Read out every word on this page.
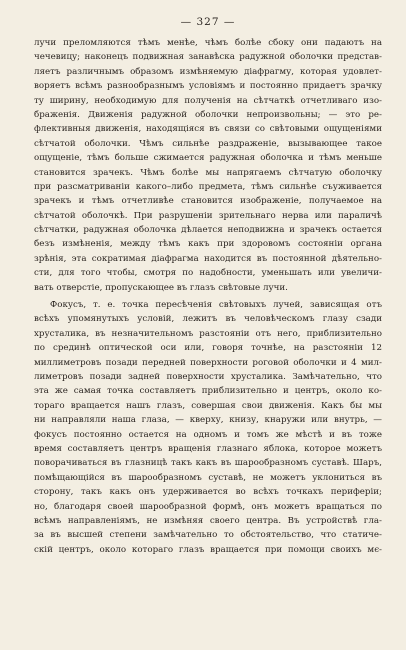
— 327 —
лучи преломляются тѣмъ менѣе, чѣмъ болѣе сбоку они падаютъ на
чечевицу; наконецъ подвижная занавѣска радужной оболочки представ-
ляетъ различнымъ образомъ измѣняемую діафрагму, которая удовлет-
воряетъ всѣмъ разнообразнымъ условіямъ и постоянно придаетъ зрачку
ту ширину, необходимую для полученія на сѣтчаткѣ отчетливаго изо-
браженія. Движенія радужной оболочки непроизвольны; — это ре-
флективныя движенія, находящіяся въ связи со свѣтовыми ощущеніями
сѣтчатой оболочки. Чѣмъ сильнѣе раздраженіе, вызывающее такое
ощущеніе, тѣмъ больше сжимается радужная оболочка и тѣмъ меньше
становится зрачекъ. Чѣмъ болѣе мы напрягаемъ сѣтчатую оболочку
при разсматриваніи какого–либо предмета, тѣмъ сильнѣе съуживается
зрачекъ и тѣмъ отчетливѣе становится изображеніе, получаемое на
сѣтчатой оболочкѣ. При разрушеніи зрительнаго нерва или параличѣ
сѣтчатки, радужная оболочка дѣлается неподвижна и зрачекъ остается
безъ измѣненія, между тѣмъ какъ при здоровомъ состояніи органа
зрѣнія, эта сократимая діафрагма находится въ постоянной дѣятельно-
сти, для того чтобы, смотря по надобности, уменьшать или увеличи-
вать отверстіе, пропускающее въ глазъ свѣтовые лучи.
Фокусъ, т. е. точка пересѣченія свѣтовыхъ лучей, зависящая отъ
всѣхъ упомянутыхъ условій, лежитъ въ человѣческомъ глазу сзади
хрусталика, въ незначительномъ разстояніи отъ него, приблизительно
по срединѣ оптической оси или, говоря точнѣе, на разстояніи 12
миллиметровъ позади передней поверхности роговой оболочки и 4 мил-
лиметровъ позади задней поверхности хрусталика. Замѣчательно, что
эта же самая точка составляетъ приблизительно и центръ, около ко-
тораго вращается нашъ глазъ, совершая свои движенія. Какъ бы мы
ни направляли наша глаза, — кверху, книзу, кнаружи или внутрь, —
фокусъ постоянно остается на одномъ и томъ же мѣстѣ и въ тоже
время составляетъ центръ вращенія глазнаго яблока, которое можетъ
поворачиваться въ глазницѣ такъ какъ въ шарообразномъ суставѣ. Шаръ,
помѣщающійся въ шарообразномъ суставѣ, не можетъ уклониться въ
сторону, такъ какъ онъ удерживается во всѣхъ точкахъ периферіи;
но, благодаря своей шарообразной формѣ, онъ можетъ вращаться по
всѣмъ направленіямъ, не измѣняя своего центра. Въ устройствѣ гла-
за въ высшей степени замѣчательно то обстоятельство, что статиче-
скій центръ, около котораго глазъ вращается при помощи своихъ мє-
